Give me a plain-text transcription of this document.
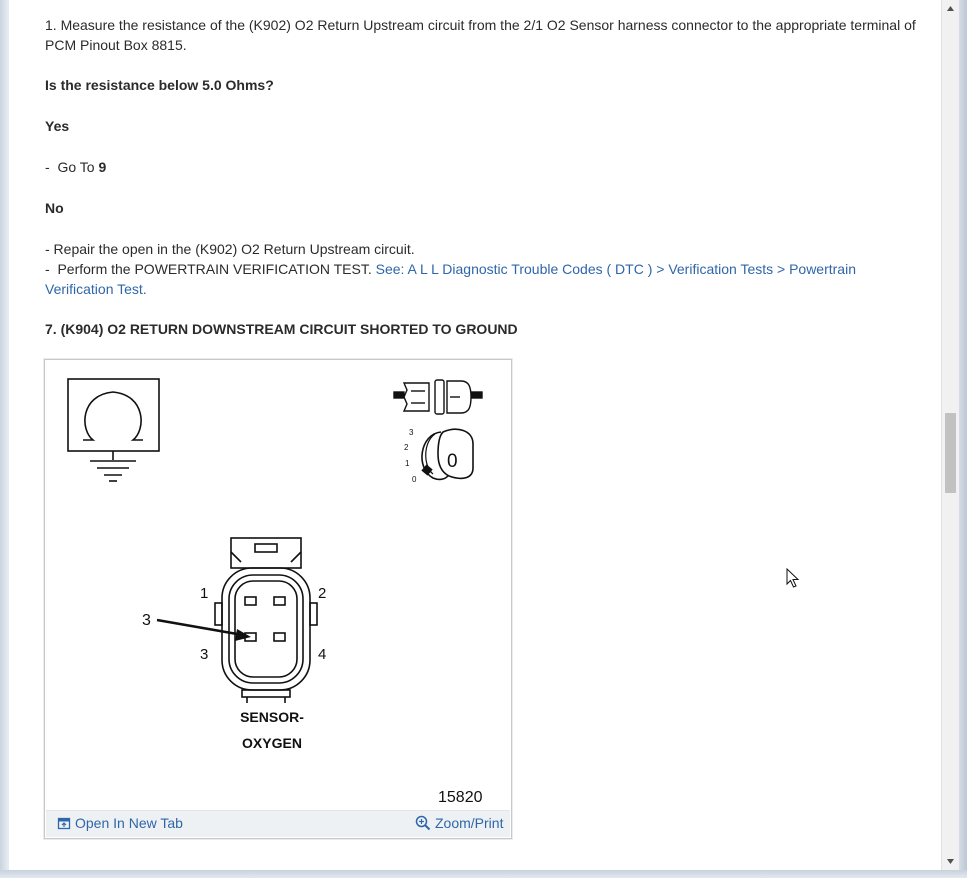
1. Measure the resistance of the (K902) O2 Return Upstream circuit from the 2/1 O2 Sensor harness connector to the appropriate terminal of PCM Pinout Box 8815.

Is the resistance below 5.0 Ohms?

Yes

-  Go To 9

No

- Repair the open in the (K902) O2 Return Upstream circuit.

-  Perform the POWERTRAIN VERIFICATION TEST. See: A L L Diagnostic Trouble Codes ( DTC ) > Verification Tests > Powertrain Verification Test.

7. (K904) O2 RETURN DOWNSTREAM CIRCUIT SHORTED TO GROUND

3
2
1
0
0
1	2
3	4
3
SENSOR-
OXYGEN
15820
Open In New Tab	Zoom/Print
